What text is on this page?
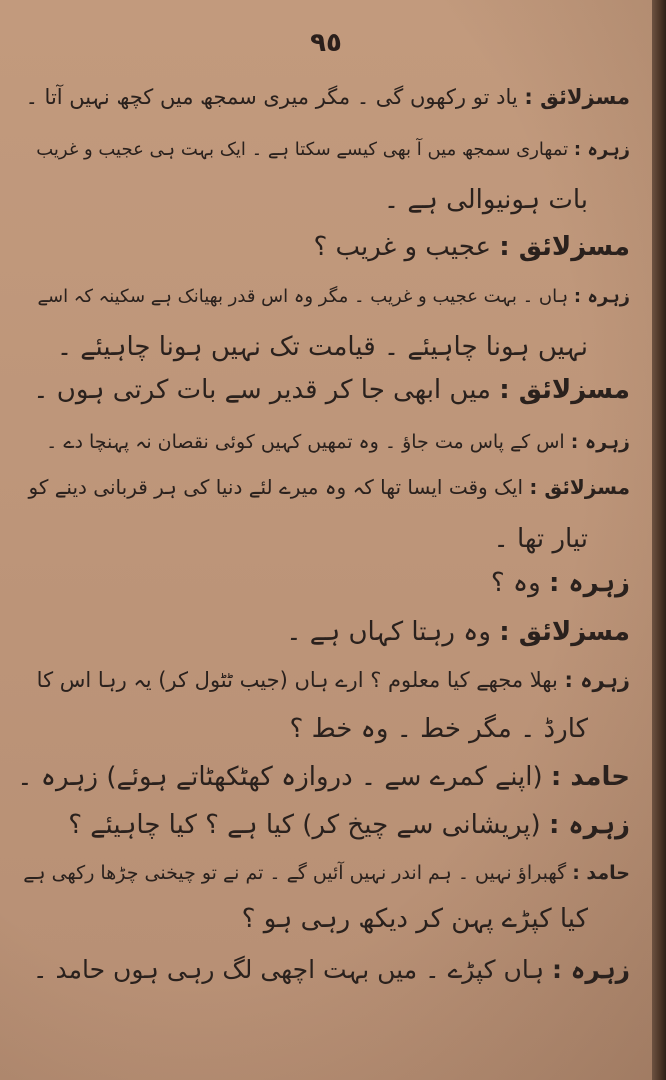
٩٥
مسزلائق : یاد تو رکھوں گی ۔ مگر میری سمجھ میں کچھ نہیں آتا ۔
زہرہ : تمھاری سمجھ میں آ بھی کیسے سکتا ہے ۔ ایک بہت ہی عجیب و غریب
بات ہونیوالی ہے ۔
مسزلائق : عجیب و غریب ؟
زہرہ : ہاں ۔ بہت عجیب و غریب ۔ مگر وہ اس قدر بھیانک ہے سکینہ کہ اسے
نہیں ہونا چاہیئے ۔ قیامت تک نہیں ہونا چاہیئے ۔
مسزلائق : میں ابھی جا کر قدیر سے بات کرتی ہوں ۔
زہرہ : اس کے پاس مت جاؤ ۔ وہ تمھیں کہیں کوئی نقصان نہ پہنچا دے ۔
مسزلائق : ایک وقت ایسا تھا کہ وہ میرے لئے دنیا کی ہر قربانی دینے کو
تیار تھا ۔
زہرہ : وہ ؟
مسزلائق : وہ رہتا کہاں ہے ۔
زہرہ : بھلا مجھے کیا معلوم ؟ ارے ہاں (جیب ٹٹول کر) یہ رہا اس کا
کارڈ ۔ مگر خط ۔ وہ خط ؟
حامد : (اپنے کمرے سے ۔ دروازہ کھٹکھٹاتے ہوئے) زہرہ ۔
زہرہ : (پریشانی سے چیخ کر) کیا ہے ؟ کیا چاہیئے ؟
حامد : گھبراؤ نہیں ۔ ہم اندر نہیں آئیں گے ۔ تم نے تو چیخنی چڑھا رکھی ہے
کیا کپڑے پہن کر دیکھ رہی ہو ؟
زہرہ : ہاں کپڑے ۔ میں بہت اچھی لگ رہی ہوں حامد ۔
